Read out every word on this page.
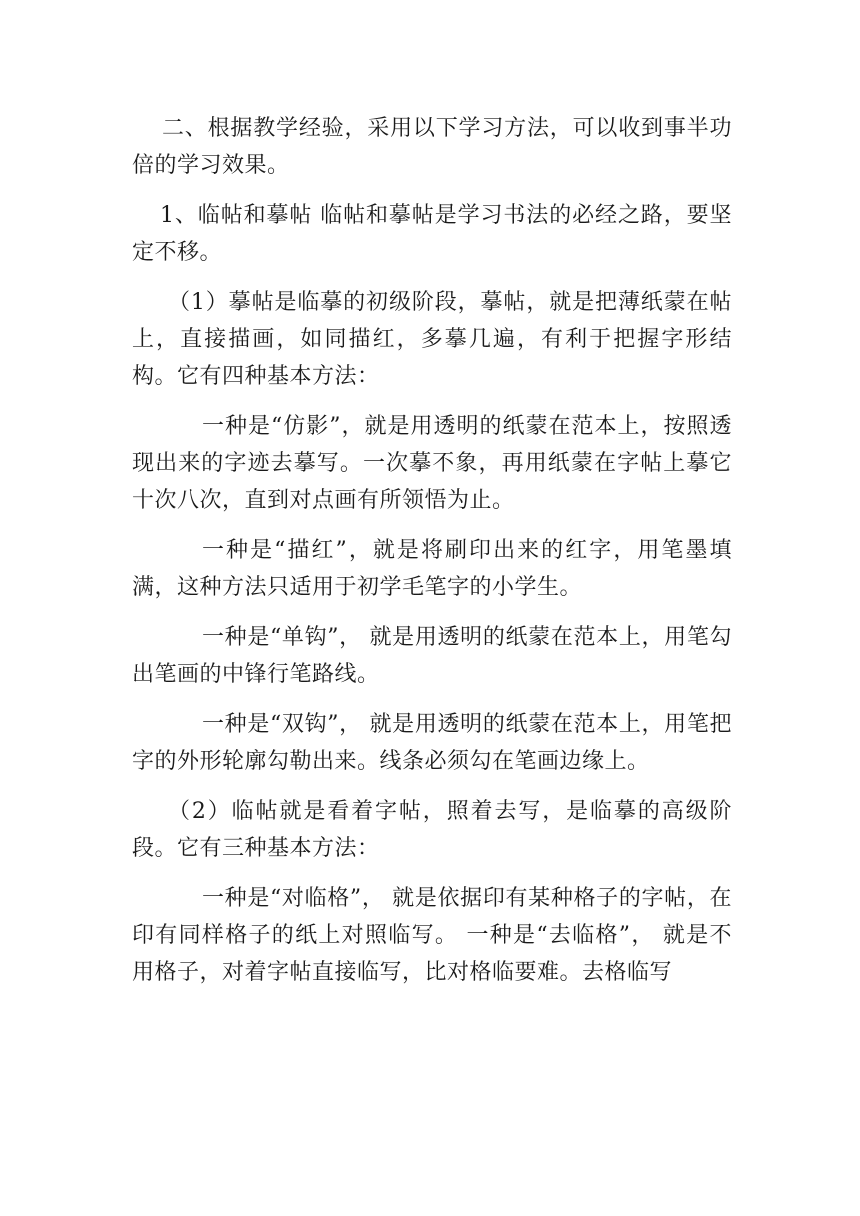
二、根据教学经验，采用以下学习方法，可以收到事半功倍的学习效果。

1、临帖和摹帖 临帖和摹帖是学习书法的必经之路，要坚定不移。

（1）摹帖是临摹的初级阶段，摹帖，就是把薄纸蒙在帖上，直接描画，如同描红，多摹几遍，有利于把握字形结构。它有四种基本方法：

一种是“仿影”，就是用透明的纸蒙在范本上，按照透现出来的字迹去摹写。一次摹不象，再用纸蒙在字帖上摹它十次八次，直到对点画有所领悟为止。

一种是“描红”，就是将刷印出来的红字，用笔墨填满，这种方法只适用于初学毛笔字的小学生。

一种是“单钩”， 就是用透明的纸蒙在范本上，用笔勾出笔画的中锋行笔路线。

一种是“双钩”， 就是用透明的纸蒙在范本上，用笔把字的外形轮廓勾勒出来。线条必须勾在笔画边缘上。

（2）临帖就是看着字帖，照着去写，是临摹的高级阶段。它有三种基本方法：

一种是“对临格”， 就是依据印有某种格子的字帖，在印有同样格子的纸上对照临写。 一种是“去临格”， 就是不用格子，对着字帖直接临写，比对格临要难。去格临写
